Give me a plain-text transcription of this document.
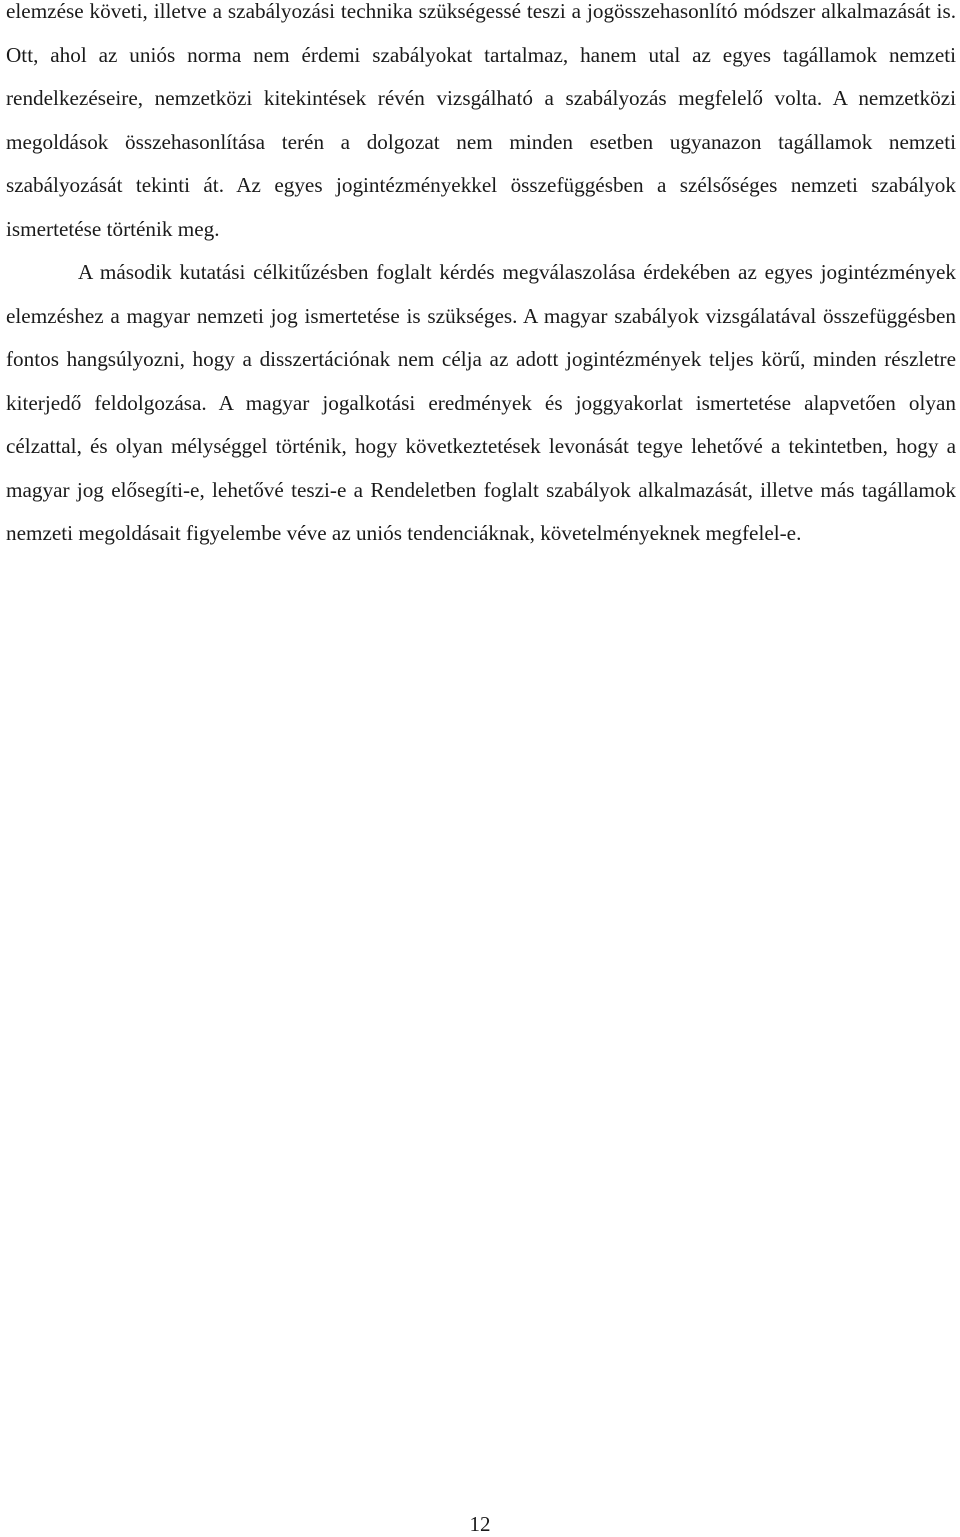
elemzése követi, illetve a szabályozási technika szükségessé teszi a jogösszehasonlító módszer alkalmazását is. Ott, ahol az uniós norma nem érdemi szabályokat tartalmaz, hanem utal az egyes tagállamok nemzeti rendelkezéseire, nemzetközi kitekintések révén vizsgálható a szabályozás megfelelő volta. A nemzetközi megoldások összehasonlítása terén a dolgozat nem minden esetben ugyanazon tagállamok nemzeti szabályozását tekinti át. Az egyes jogintézményekkel összefüggésben a szélsőséges nemzeti szabályok ismertetése történik meg.

A második kutatási célkitűzésben foglalt kérdés megválaszolása érdekében az egyes jogintézmények elemzéshez a magyar nemzeti jog ismertetése is szükséges. A magyar szabályok vizsgálatával összefüggésben fontos hangsúlyozni, hogy a disszertációnak nem célja az adott jogintézmények teljes körű, minden részletre kiterjedő feldolgozása. A magyar jogalkotási eredmények és joggyakorlat ismertetése alapvetően olyan célzattal, és olyan mélységgel történik, hogy következtetések levonását tegye lehetővé a tekintetben, hogy a magyar jog elősegíti-e, lehetővé teszi-e a Rendeletben foglalt szabályok alkalmazását, illetve más tagállamok nemzeti megoldásait figyelembe véve az uniós tendenciáknak, követelményeknek megfelel-e.

12
